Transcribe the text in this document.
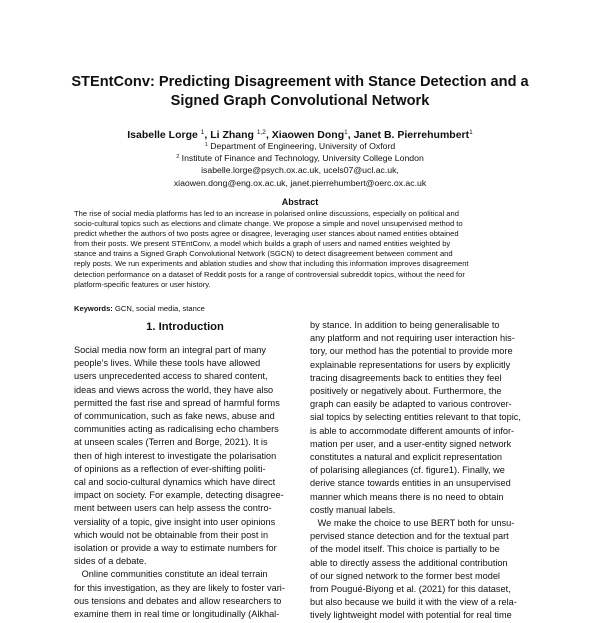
STEntConv: Predicting Disagreement with Stance Detection and a
Signed Graph Convolutional Network
Isabelle Lorge $^1$, Li Zhang $^{1,2}$, Xiaowen Dong$^1$, Janet B. Pierrehumbert$^1$
$^1$ Department of Engineering, University of Oxford
$^2$ Institute of Finance and Technology, University College London
isabelle.lorge@psych.ox.ac.uk, ucels07@ucl.ac.uk,
xiaowen.dong@eng.ox.ac.uk, janet.pierrehumbert@oerc.ox.ac.uk
Abstract
The rise of social media platforms has led to an increase in polarised online discussions, especially on political and
socio-cultural topics such as elections and climate change. We propose a simple and novel unsupervised method to
predict whether the authors of two posts agree or disagree, leveraging user stances about named entities obtained
from their posts. We present STEntConv, a model which builds a graph of users and named entities weighted by
stance and trains a Signed Graph Convolutional Network (SGCN) to detect disagreement between comment and
reply posts. We run experiments and ablation studies and show that including this information improves disagreement
detection performance on a dataset of Reddit posts for a range of controversial subreddit topics, without the need for
platform-specific features or user history.
Keywords: GCN, social media, stance
1. Introduction
Social media now form an integral part of many
people’s lives. While these tools have allowed
users unprecedented access to shared content,
ideas and views across the world, they have also
permitted the fast rise and spread of harmful forms
of communication, such as fake news, abuse and
communities acting as radicalising echo chambers
at unseen scales (Terren and Borge, 2021). It is
then of high interest to investigate the polarisation
of opinions as a reflection of ever-shifting politi-
cal and socio-cultural dynamics which have direct
impact on society. For example, detecting disagree-
ment between users can help assess the contro-
versiality of a topic, give insight into user opinions
which would not be obtainable from their post in
isolation or provide a way to estimate numbers for
sides of a debate.
Online communities constitute an ideal terrain
for this investigation, as they are likely to foster vari-
ous tensions and debates and allow researchers to
examine them in real time or longitudinally (Alkhal-
by stance. In addition to being generalisable to
any platform and not requiring user interaction his-
tory, our method has the potential to provide more
explainable representations for users by explicitly
tracing disagreements back to entities they feel
positively or negatively about. Furthermore, the
graph can easily be adapted to various controver-
sial topics by selecting entities relevant to that topic,
is able to accommodate different amounts of infor-
mation per user, and a user-entity signed network
constitutes a natural and explicit representation
of polarising allegiances (cf. figure1). Finally, we
derive stance towards entities in an unsupervised
manner which means there is no need to obtain
costly manual labels.
We make the choice to use BERT both for unsu-
pervised stance detection and for the textual part
of the model itself. This choice is partially to be
able to directly assess the additional contribution
of our signed network to the former best model
from Pougué-Biyong et al. (2021) for this dataset,
but also because we build it with the view of a rela-
tively lightweight model with potential for real time
